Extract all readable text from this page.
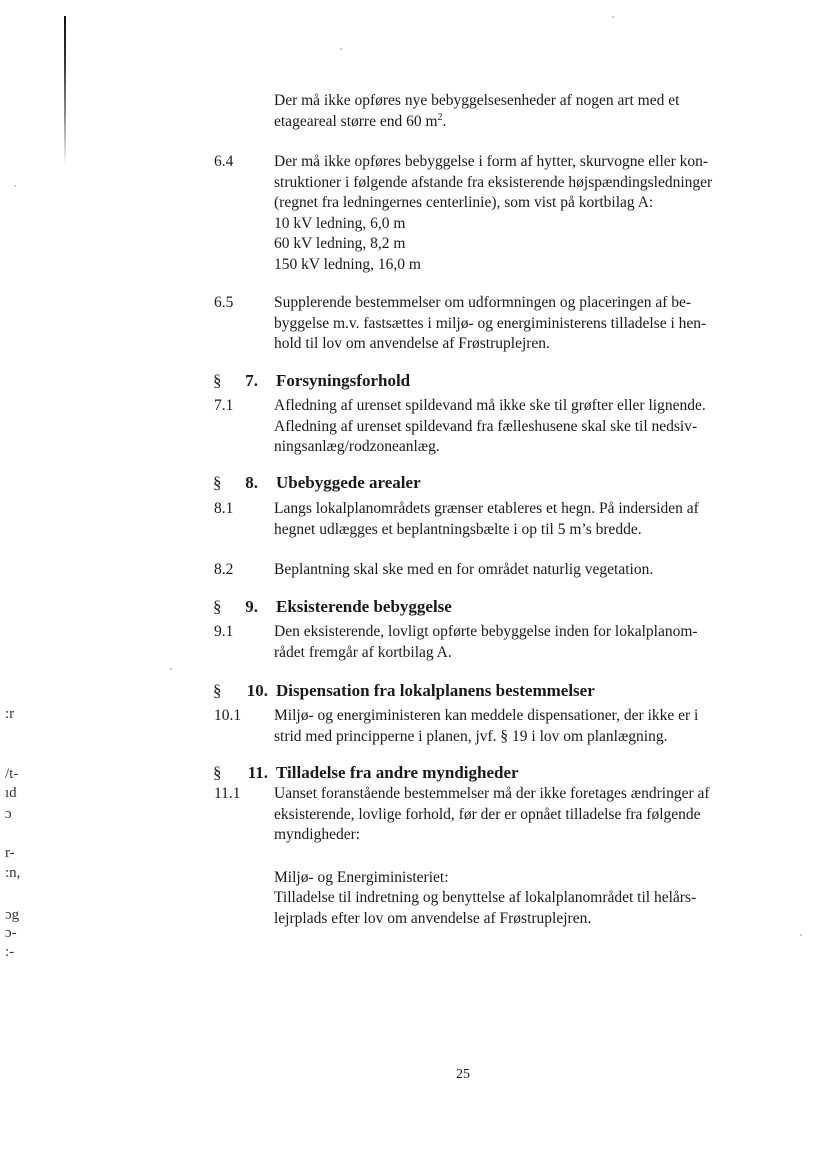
:r
/t-
ıd
ɔ
r-
:n,
ɔg
ɔ-
:-
Der må ikke opføres nye bebyggelsesenheder af nogen art med et
etageareal større end 60 $m^2$.
6.4	Der må ikke opføres bebyggelse i form af hytter, skurvogne eller kon-
struktioner i følgende afstande fra eksisterende højspændingsledninger
(regnet fra ledningernes centerlinie), som vist på kortbilag A:
10 kV ledning, 6,0 m
60 kV ledning, 8,2 m
150 kV ledning, 16,0 m
6.5	Supplerende bestemmelser om udformningen og placeringen af be-
byggelse m.v. fastsættes i miljø- og energiministerens tilladelse i hen-
hold til lov om anvendelse af Frøstruplejren.
§	7. Forsyningsforhold
7.1	Afledning af urenset spildevand må ikke ske til grøfter eller lignende.
Afledning af urenset spildevand fra fælleshusene skal ske til nedsiv-
ningsanlæg/rodzoneanlæg.
§	8. Ubebyggede arealer
8.1	Langs lokalplanområdets grænser etableres et hegn. På indersiden af
hegnet udlægges et beplantningsbælte i op til 5 m’s bredde.
8.2	Beplantning skal ske med en for området naturlig vegetation.
§	9. Eksisterende bebyggelse
9.1	Den eksisterende, lovligt opførte bebyggelse inden for lokalplanom-
rådet fremgår af kortbilag A.
§	10. Dispensation fra lokalplanens bestemmelser
10.1 Miljø- og energiministeren kan meddele dispensationer, der ikke er i
strid med principperne i planen, jvf. § 19 i lov om planlægning.
§	11. Tilladelse fra andre myndigheder
11.1 Uanset foranstående bestemmelser må der ikke foretages ændringer af
eksisterende, lovlige forhold, før der er opnået tilladelse fra følgende
myndigheder:
Miljø- og Energiministeriet:
Tilladelse til indretning og benyttelse af lokalplanområdet til helårs-
lejrplads efter lov om anvendelse af Frøstruplejren.
25
